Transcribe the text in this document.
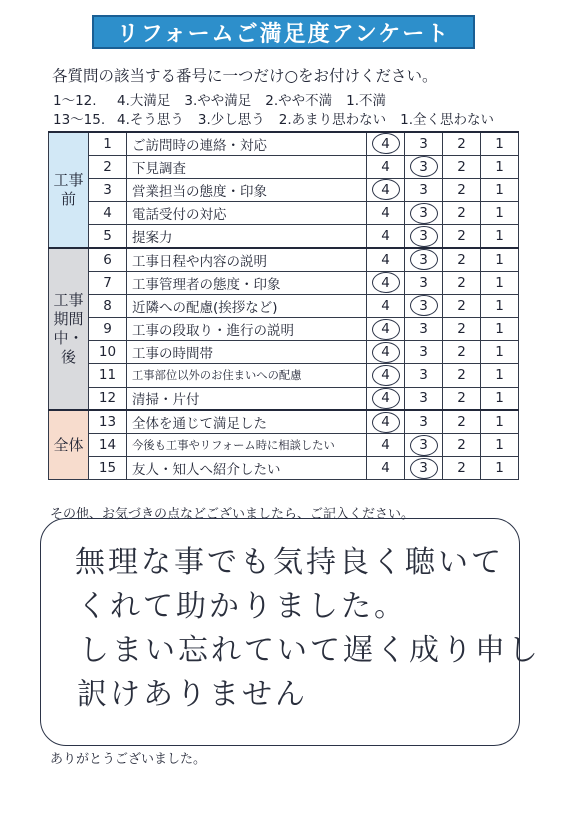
リフォームご満足度アンケート
各質問の該当する番号に一つだけ○をお付けください。
1～12.	4.大満足 3.やや満足 2.やや不満 1.不満
13～15. 4.そう思う 3.少し思う 2.あまり思わない 1.全く思わない
工事前	1	ご訪問時の連絡・対応	4	3	2	1
	2	下見調査	4	3	2	1
	3	営業担当の態度・印象	4	3	2	1
	4	電話受付の対応	4	3	2	1
	5	提案力	4	3	2	1
工事期間中・後	6	工事日程や内容の説明	4	3	2	1
	7	工事管理者の態度・印象	4	3	2	1
	8	近隣への配慮(挨拶など)	4	3	2	1
	9	工事の段取り・進行の説明	4	3	2	1
	10	工事の時間帯	4	3	2	1
	11	工事部位以外のお住まいへの配慮	4	3	2	1
	12	清掃・片付	4	3	2	1
全体	13	全体を通じて満足した	4	3	2	1
	14	今後も工事やリフォーム時に相談したい	4	3	2	1
	15	友人・知人へ紹介したい	4	3	2	1
その他、お気づきの点などございましたら、ご記入ください。
無理な事でも気持良く聴いて
くれて助かりました。
しまい忘れていて遅く成り申し
訳けありません
ありがとうございました。
